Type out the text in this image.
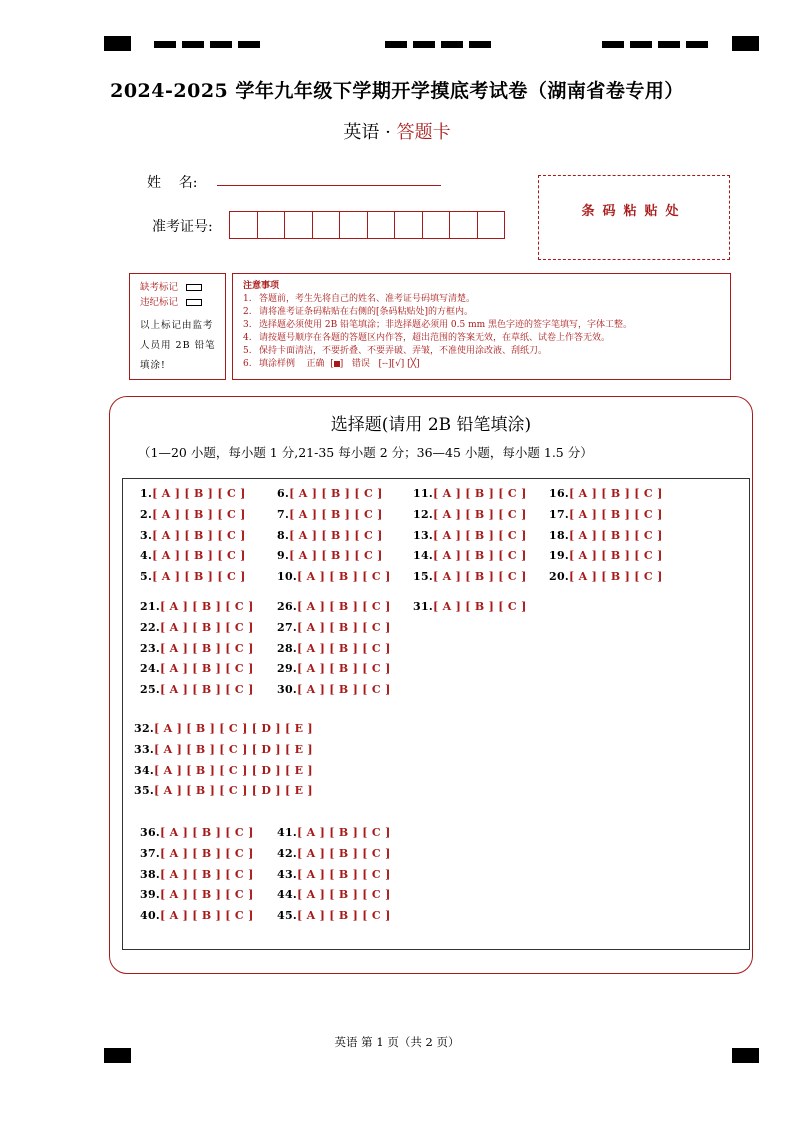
2024-2025 学年九年级下学期开学摸底考试卷（湖南省卷专用）
英语 · 答题卡
姓    名:
准考证号:
条码粘贴处
缺考标记
违纪标记
以上标记由监考人员用 2B 铅笔填涂!
注意事项
1. 答题前，考生先将自己的姓名、准考证号码填写清楚。
2. 请将准考证条码粘贴在右侧的[条码粘贴处]的方框内。
3. 选择题必须使用 2B 铅笔填涂；非选择题必须用 0.5 mm 黑色字迹的签字笔填写，字体工整。
4. 请按题号顺序在各题的答题区内作答，超出范围的答案无效，在草纸、试卷上作答无效。
5. 保持卡面清洁，不要折叠、不要弄破、弄皱，不准使用涂改液、刮纸刀。
6. 填涂样例 正确 [ ] 错误 [--][√] [╳]
选择题(请用 2B 铅笔填涂)
（1—20 小题，每小题 1 分,21-35 每小题 2 分；36—45 小题，每小题 1.5 分）
1.[ A ] [ B ] [ C ]
2.[ A ] [ B ] [ C ]
3.[ A ] [ B ] [ C ]
4.[ A ] [ B ] [ C ]
5.[ A ] [ B ] [ C ]
6.[ A ] [ B ] [ C ]
7.[ A ] [ B ] [ C ]
8.[ A ] [ B ] [ C ]
9.[ A ] [ B ] [ C ]
10.[ A ] [ B ] [ C ]
11.[ A ] [ B ] [ C ]
12.[ A ] [ B ] [ C ]
13.[ A ] [ B ] [ C ]
14.[ A ] [ B ] [ C ]
15.[ A ] [ B ] [ C ]
16.[ A ] [ B ] [ C ]
17.[ A ] [ B ] [ C ]
18.[ A ] [ B ] [ C ]
19.[ A ] [ B ] [ C ]
20.[ A ] [ B ] [ C ]
21.[ A ] [ B ] [ C ]
22.[ A ] [ B ] [ C ]
23.[ A ] [ B ] [ C ]
24.[ A ] [ B ] [ C ]
25.[ A ] [ B ] [ C ]
26.[ A ] [ B ] [ C ]
27.[ A ] [ B ] [ C ]
28.[ A ] [ B ] [ C ]
29.[ A ] [ B ] [ C ]
30.[ A ] [ B ] [ C ]
31.[ A ] [ B ] [ C ]
32.[ A ] [ B ] [ C ] [ D ] [ E ]
33.[ A ] [ B ] [ C ] [ D ] [ E ]
34.[ A ] [ B ] [ C ] [ D ] [ E ]
35.[ A ] [ B ] [ C ] [ D ] [ E ]
36.[ A ] [ B ] [ C ]
37.[ A ] [ B ] [ C ]
38.[ A ] [ B ] [ C ]
39.[ A ] [ B ] [ C ]
40.[ A ] [ B ] [ C ]
41.[ A ] [ B ] [ C ]
42.[ A ] [ B ] [ C ]
43.[ A ] [ B ] [ C ]
44.[ A ] [ B ] [ C ]
45.[ A ] [ B ] [ C ]
英语 第 1 页（共 2 页）
